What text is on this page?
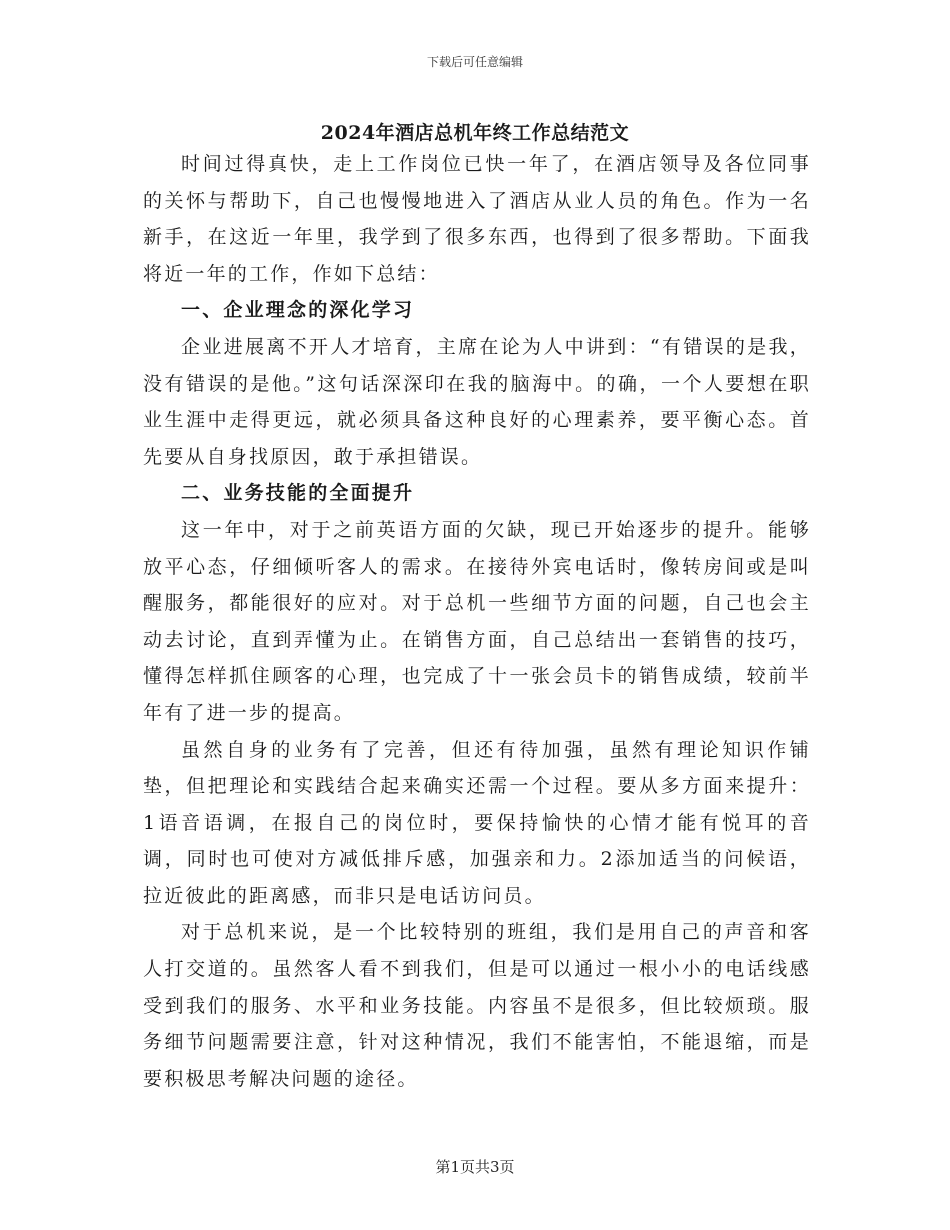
下载后可任意编辑
2024年酒店总机年终工作总结范文

时间过得真快，走上工作岗位已快一年了，在酒店领导及各位同事的关怀与帮助下，自己也慢慢地进入了酒店从业人员的角色。作为一名新手，在这近一年里，我学到了很多东西，也得到了很多帮助。下面我将近一年的工作，作如下总结：

一、企业理念的深化学习

企业进展离不开人才培育，主席在论为人中讲到：“有错误的是我，没有错误的是他。”这句话深深印在我的脑海中。的确，一个人要想在职业生涯中走得更远，就必须具备这种良好的心理素养，要平衡心态。首先要从自身找原因，敢于承担错误。

二、业务技能的全面提升

这一年中，对于之前英语方面的欠缺，现已开始逐步的提升。能够放平心态，仔细倾听客人的需求。在接待外宾电话时，像转房间或是叫醒服务，都能很好的应对。对于总机一些细节方面的问题，自己也会主动去讨论，直到弄懂为止。在销售方面，自己总结出一套销售的技巧，懂得怎样抓住顾客的心理，也完成了十一张会员卡的销售成绩，较前半年有了进一步的提高。

虽然自身的业务有了完善，但还有待加强，虽然有理论知识作铺垫，但把理论和实践结合起来确实还需一个过程。要从多方面来提升：1语音语调，在报自己的岗位时，要保持愉快的心情才能有悦耳的音调，同时也可使对方减低排斥感，加强亲和力。2添加适当的问候语，拉近彼此的距离感，而非只是电话访问员。

对于总机来说，是一个比较特别的班组，我们是用自己的声音和客人打交道的。虽然客人看不到我们，但是可以通过一根小小的电话线感受到我们的服务、水平和业务技能。内容虽不是很多，但比较烦琐。服务细节问题需要注意，针对这种情况，我们不能害怕，不能退缩，而是要积极思考解决问题的途径。

第1页共3页
